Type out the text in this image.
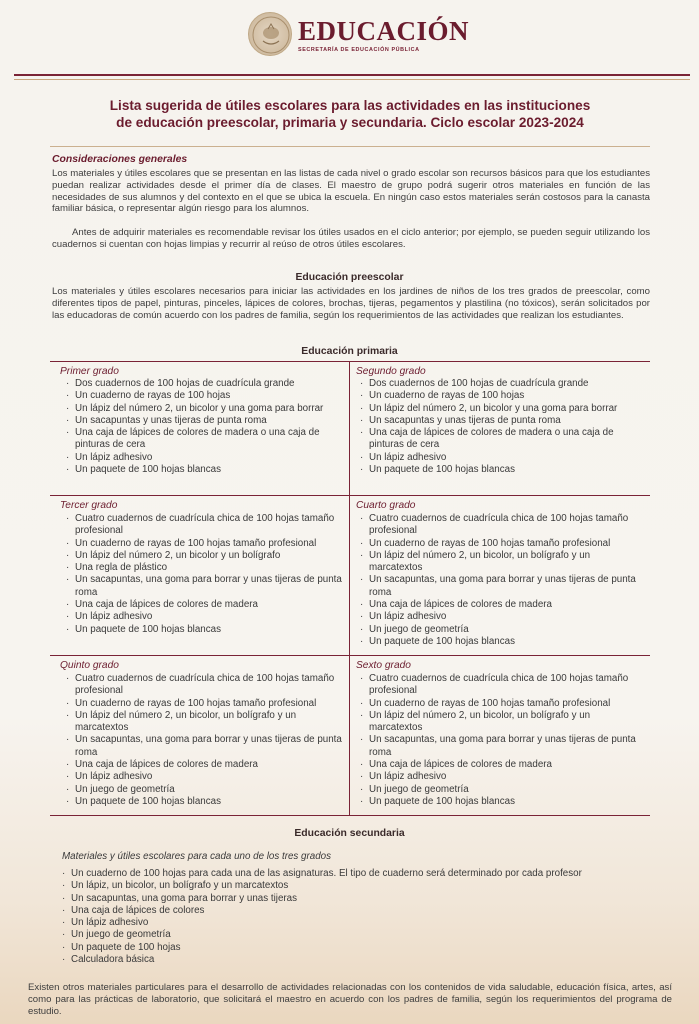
EDUCACIÓN
SECRETARÍA DE EDUCACIÓN PÚBLICA
Lista sugerida de útiles escolares para las actividades en las instituciones
de educación preescolar, primaria y secundaria. Ciclo escolar 2023-2024
Consideraciones generales
Los materiales y útiles escolares que se presentan en las listas de cada nivel o grado escolar son recursos básicos para que los estudiantes puedan realizar actividades desde el primer día de clases. El maestro de grupo podrá sugerir otros materiales en función de las necesidades de sus alumnos y del contexto en el que se ubica la escuela. En ningún caso estos materiales serán costosos para la canasta familiar básica, o representar algún riesgo para los alumnos.
Antes de adquirir materiales es recomendable revisar los útiles usados en el ciclo anterior; por ejemplo, se pueden seguir utilizando los cuadernos si cuentan con hojas limpias y recurrir al reúso de otros útiles escolares.
Educación preescolar
Los materiales y útiles escolares necesarios para iniciar las actividades en los jardines de niños de los tres grados de preescolar, como diferentes tipos de papel, pinturas, pinceles, lápices de colores, brochas, tijeras, pegamentos y plastilina (no tóxicos), serán solicitados por las educadoras de común acuerdo con los padres de familia, según los requerimientos de las actividades que realizan los estudiantes.
Educación primaria
Primer grado
· Dos cuadernos de 100 hojas de cuadrícula grande
· Un cuaderno de rayas de 100 hojas
· Un lápiz del número 2, un bicolor y una goma para borrar
· Un sacapuntas y unas tijeras de punta roma
· Una caja de lápices de colores de madera o una caja de pinturas de cera
· Un lápiz adhesivo
· Un paquete de 100 hojas blancas
Segundo grado
· Dos cuadernos de 100 hojas de cuadrícula grande
· Un cuaderno de rayas de 100 hojas
· Un lápiz del número 2, un bicolor y una goma para borrar
· Un sacapuntas y unas tijeras de punta roma
· Una caja de lápices de colores de madera o una caja de pinturas de cera
· Un lápiz adhesivo
· Un paquete de 100 hojas blancas
Tercer grado
· Cuatro cuadernos de cuadrícula chica de 100 hojas tamaño profesional
· Un cuaderno de rayas de 100 hojas tamaño profesional
· Un lápiz del número 2, un bicolor y un bolígrafo
· Una regla de plástico
· Un sacapuntas, una goma para borrar y unas tijeras de punta roma
· Una caja de lápices de colores de madera
· Un lápiz adhesivo
· Un paquete de 100 hojas blancas
Cuarto grado
· Cuatro cuadernos de cuadrícula chica de 100 hojas tamaño profesional
· Un cuaderno de rayas de 100 hojas tamaño profesional
· Un lápiz del número 2, un bicolor, un bolígrafo y un marcatextos
· Un sacapuntas, una goma para borrar y unas tijeras de punta roma
· Una caja de lápices de colores de madera
· Un lápiz adhesivo
· Un juego de geometría
· Un paquete de 100 hojas blancas
Quinto grado
· Cuatro cuadernos de cuadrícula chica de 100 hojas tamaño profesional
· Un cuaderno de rayas de 100 hojas tamaño profesional
· Un lápiz del número 2, un bicolor, un bolígrafo y un marcatextos
· Un sacapuntas, una goma para borrar y unas tijeras de punta roma
· Una caja de lápices de colores de madera
· Un lápiz adhesivo
· Un juego de geometría
· Un paquete de 100 hojas blancas
Sexto grado
· Cuatro cuadernos de cuadrícula chica de 100 hojas tamaño profesional
· Un cuaderno de rayas de 100 hojas tamaño profesional
· Un lápiz del número 2, un bicolor, un bolígrafo y un marcatextos
· Un sacapuntas, una goma para borrar y unas tijeras de punta roma
· Una caja de lápices de colores de madera
· Un lápiz adhesivo
· Un juego de geometría
· Un paquete de 100 hojas blancas
Educación secundaria
Materiales y útiles escolares para cada uno de los tres grados
· Un cuaderno de 100 hojas para cada una de las asignaturas. El tipo de cuaderno será determinado por cada profesor
· Un lápiz, un bicolor, un bolígrafo y un marcatextos
· Un sacapuntas, una goma para borrar y unas tijeras
· Una caja de lápices de colores
· Un lápiz adhesivo
· Un juego de geometría
· Un paquete de 100 hojas
· Calculadora básica
Existen otros materiales particulares para el desarrollo de actividades relacionadas con los contenidos de vida saludable, educación física, artes, así como para las prácticas de laboratorio, que solicitará el maestro en acuerdo con los padres de familia, según los requerimientos del programa de estudio.
